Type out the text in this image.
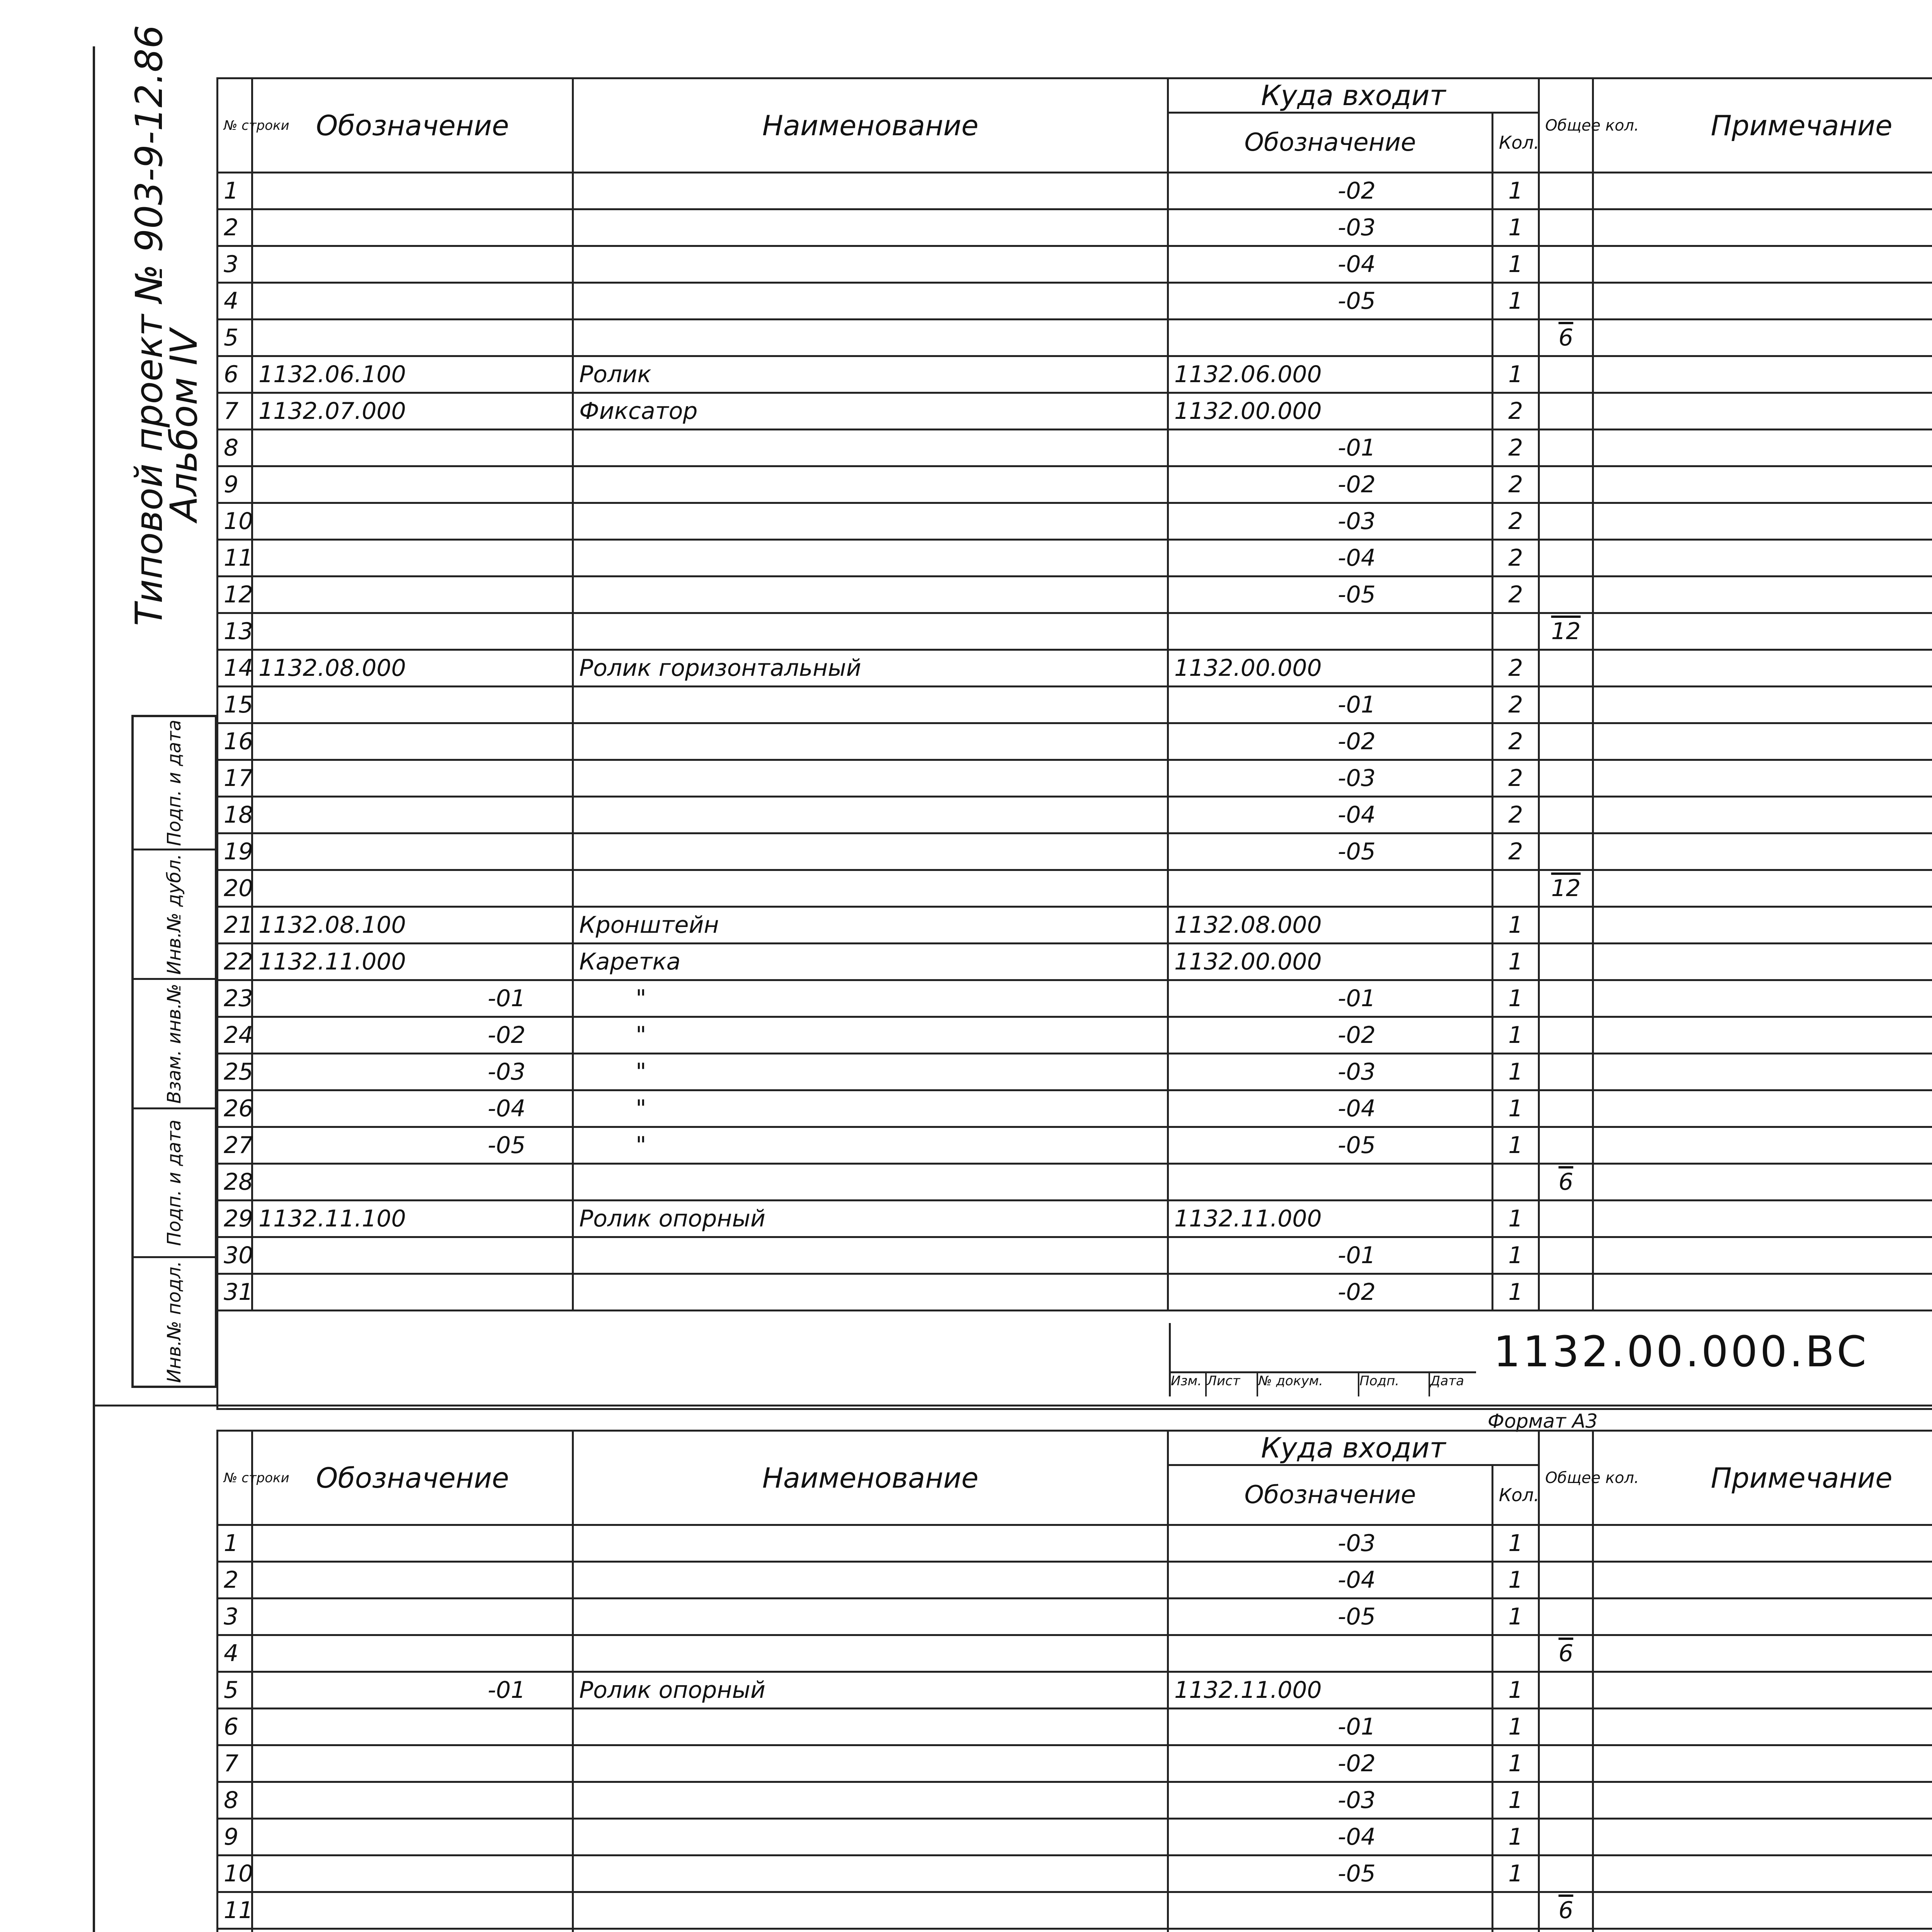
Типовой проект № 903-9-12.86
Альбом IV
Подп. и дата
Инв.№ дубл.
Взам. инв.№
Подп. и дата
Инв.№ подл.
№ строки	Обозначение	Наименование	Куда входит		Общее кол.	Примечание
			Обозначение	Кол.		
1			-02	1		
2			-03	1		
3			-04	1		
4			-05	1		
5					6	
6	1132.06.100	Ролик	1132.06.000	1		
7	1132.07.000	Фиксатор	1132.00.000	2		
8			-01	2		
9			-02	2		
10			-03	2		
11			-04	2		
12			-05	2		
13					12	
14	1132.08.000	Ролик горизонтальный	1132.00.000	2		
15			-01	2		
16			-02	2		
17			-03	2		
18			-04	2		
19			-05	2		
20					12	
21	1132.08.100	Кронштейн	1132.08.000	1		
22	1132.11.000	Каретка	1132.00.000	1		
23	-01	"	-01	1		
24	-02	"	-02	1		
25	-03	"	-03	1		
26	-04	"	-04	1		
27	-05	"	-05	1		
28					6	
29	1132.11.100	Ролик опорный	1132.11.000	1		
30			-01	1		
31			-02	1		
Изм. Лист	№ докум.	Подп.	Дата
1132.00.000.ВС
Формат А3
№ строки	Обозначение	Наименование	Куда входит		Общее кол.	Примечание
			Обозначение	Кол.		
1			-03	1		
2			-04	1		
3			-05	1		
4					6	
5	-01	Ролик опорный	1132.11.000	1		
6			-01	1		
7			-02	1		
8			-03	1		
9			-04	1		
10			-05	1		
11					6	
